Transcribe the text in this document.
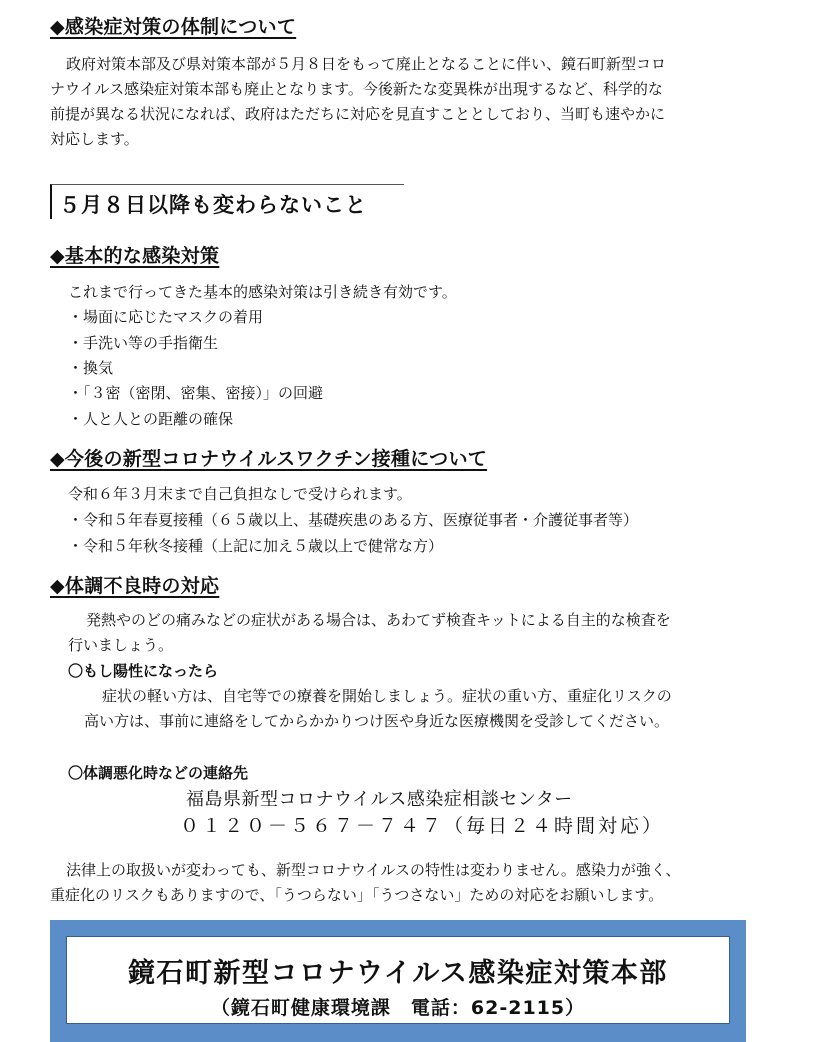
◆感染症対策の体制について
政府対策本部及び県対策本部が５月８日をもって廃止となることに伴い、鏡石町新型コロ
ナウイルス感染症対策本部も廃止となります。今後新たな変異株が出現するなど、科学的な
前提が異なる状況になれば、政府はただちに対応を見直すこととしており、当町も速やかに
対応します。
５月８日以降も変わらないこと
◆基本的な感染対策
これまで行ってきた基本的感染対策は引き続き有効です。
・場面に応じたマスクの着用
・手洗い等の手指衛生
・換気
・「３密（密閉、密集、密接）」の回避
・人と人との距離の確保
◆今後の新型コロナウイルスワクチン接種について
令和６年３月末まで自己負担なしで受けられます。
・令和５年春夏接種（６５歳以上、基礎疾患のある方、医療従事者・介護従事者等）
・令和５年秋冬接種（上記に加え５歳以上で健常な方）
◆体調不良時の対応
発熱やのどの痛みなどの症状がある場合は、あわてず検査キットによる自主的な検査を
行いましょう。
〇もし陽性になったら
症状の軽い方は、自宅等での療養を開始しましょう。症状の重い方、重症化リスクの
高い方は、事前に連絡をしてからかかりつけ医や身近な医療機関を受診してください。
〇体調悪化時などの連絡先
福島県新型コロナウイルス感染症相談センター
０１２０－５６７－７４７（毎日２４時間対応）
法律上の取扱いが変わっても、新型コロナウイルスの特性は変わりません。感染力が強く、
重症化のリスクもありますので、「うつらない」「うつさない」ための対応をお願いします。
鏡石町新型コロナウイルス感染症対策本部
（鏡石町健康環境課　電話：62-2115）
